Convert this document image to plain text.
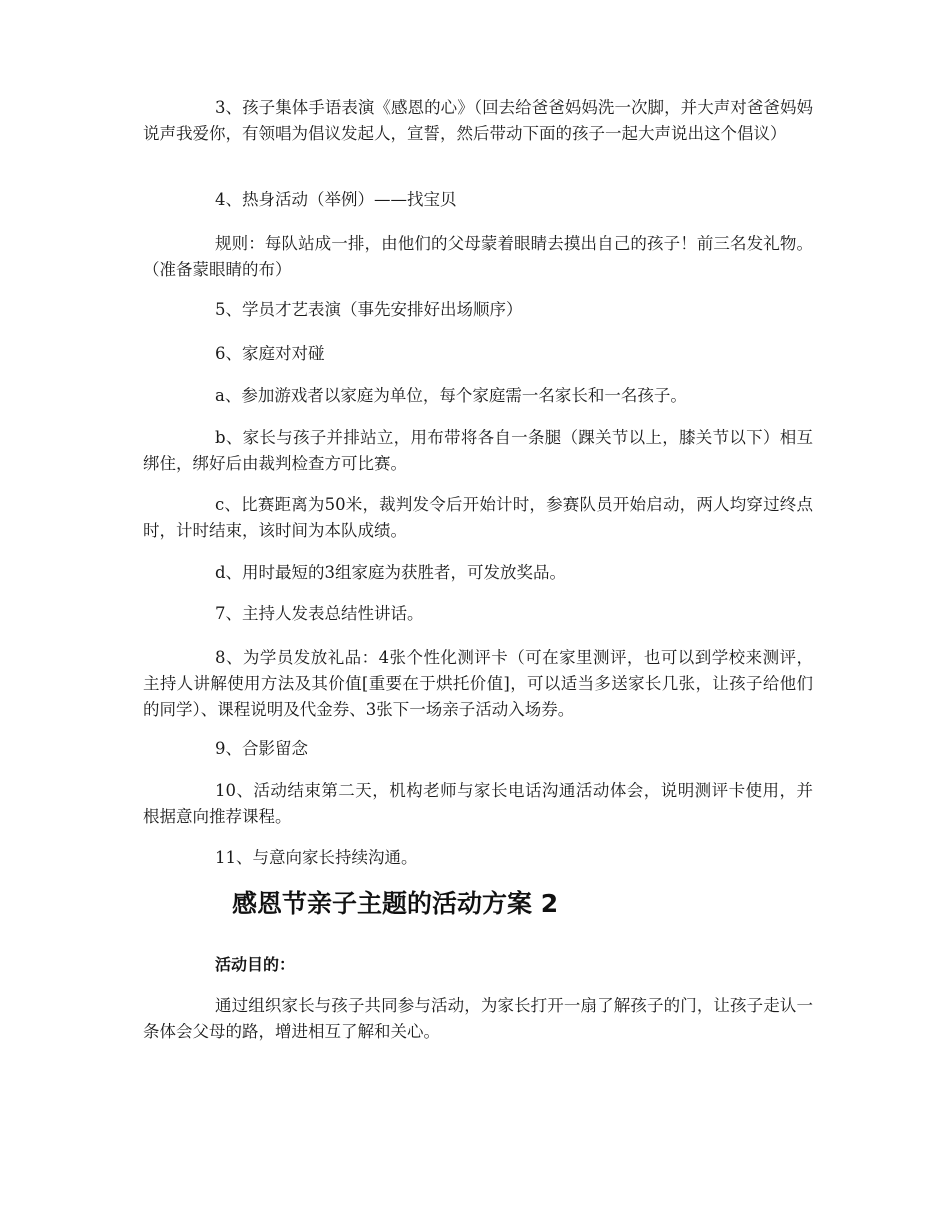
3、孩子集体手语表演《感恩的心》（回去给爸爸妈妈洗一次脚，并大声对爸爸妈妈说声我爱你，有领唱为倡议发起人，宣誓，然后带动下面的孩子一起大声说出这个倡议）

4、热身活动（举例）——找宝贝

规则：每队站成一排，由他们的父母蒙着眼睛去摸出自己的孩子！前三名发礼物。（准备蒙眼睛的布）

5、学员才艺表演（事先安排好出场顺序）

6、家庭对对碰

a、参加游戏者以家庭为单位，每个家庭需一名家长和一名孩子。

b、家长与孩子并排站立，用布带将各自一条腿（踝关节以上，膝关节以下）相互绑住，绑好后由裁判检查方可比赛。

c、比赛距离为50米，裁判发令后开始计时，参赛队员开始启动，两人均穿过终点时，计时结束，该时间为本队成绩。

d、用时最短的3组家庭为获胜者，可发放奖品。

7、主持人发表总结性讲话。

8、为学员发放礼品：4张个性化测评卡（可在家里测评，也可以到学校来测评，主持人讲解使用方法及其价值[重要在于烘托价值]，可以适当多送家长几张，让孩子给他们的同学）、课程说明及代金券、3张下一场亲子活动入场券。

9、合影留念

10、活动结束第二天，机构老师与家长电话沟通活动体会，说明测评卡使用，并根据意向推荐课程。

11、与意向家长持续沟通。

感恩节亲子主题的活动方案 2
活动目的：

通过组织家长与孩子共同参与活动，为家长打开一扇了解孩子的门，让孩子走认一条体会父母的路，增进相互了解和关心。
